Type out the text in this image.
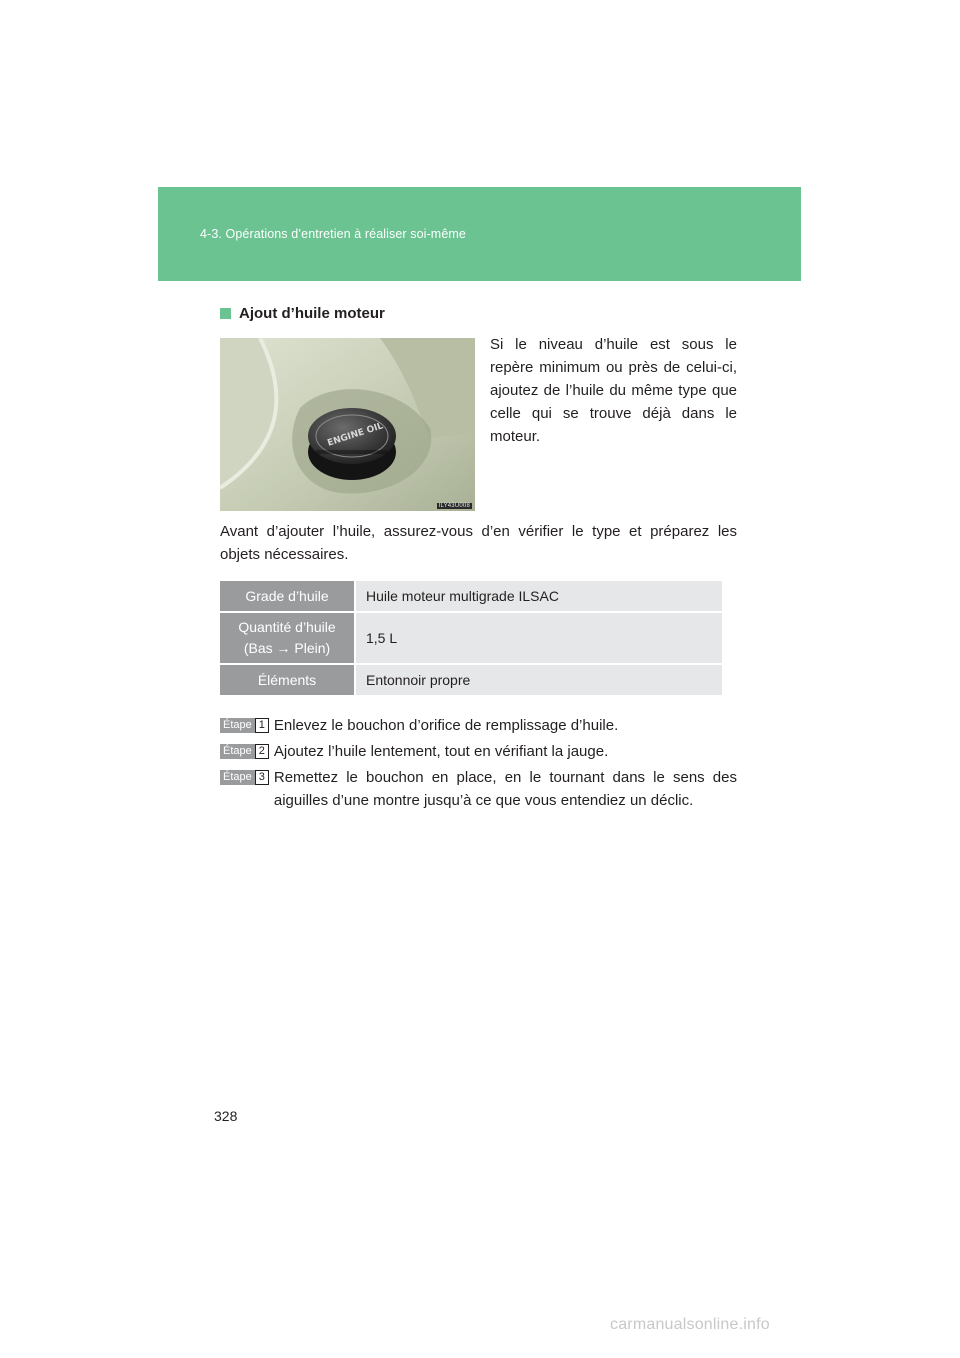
4-3. Opérations d’entretien à réaliser soi-même
Ajout d’huile moteur
ENGINE OIL
ILY43U008
Si le niveau d’huile est sous le repère minimum ou près de celui-ci, ajoutez de l’huile du même type que celle qui se trouve déjà dans le moteur.
Avant d’ajouter l’huile, assurez-vous d’en vérifier le type et préparez les objets nécessaires.
Grade d’huile	Huile moteur multigrade ILSAC
Quantité d’huile
(Bas → Plein)
1,5 L
Éléments	Entonnoir propre
Étape 1 Enlevez le bouchon d’orifice de remplissage d’huile.
Étape 2 Ajoutez l’huile lentement, tout en vérifiant la jauge.
Étape 3 Remettez le bouchon en place, en le tournant dans le sens des aiguilles d’une montre jusqu’à ce que vous entendiez un déclic.
328
carmanualsonline.info
